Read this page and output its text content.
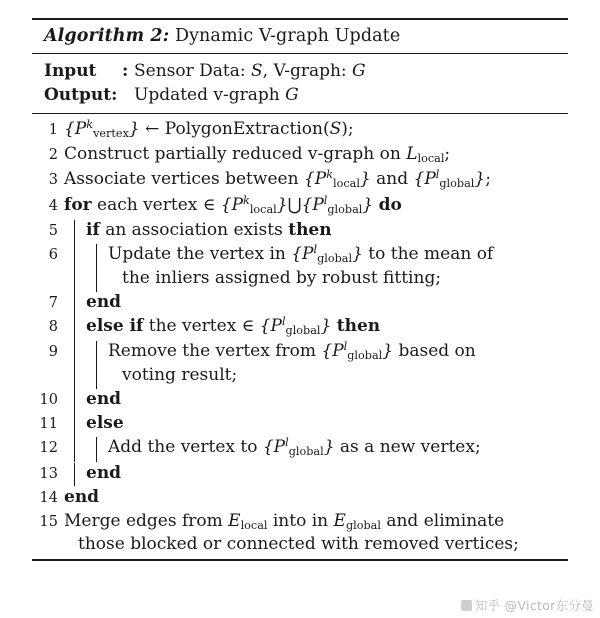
Algorithm 2: Dynamic V-graph Update
Input	: Sensor Data: S, V-graph: G
Output: Updated v-graph G
1 $\{P^k_{vertex}\}$ ← PolygonExtraction(S);
2 Construct partially reduced v-graph on $L_{local}$;
3 Associate vertices between $\{P^k_{local}\}$ and $\{P^l_{global}\}$;
4 for each vertex ∈ $\{P^k_{local}\}⋃\{P^l_{global}\}$ do
5	if an association exists then
6	Update the vertex in $\{P^l_{global}\}$ to the mean of
the inliers assigned by robust fitting;
7	end
8	else if the vertex ∈ $\{P^l_{global}\}$ then
9	Remove the vertex from $\{P^l_{global}\}$ based on
voting result;
10	end
11	else
12	Add the vertex to $\{P^l_{global}\}$ as a new vertex;
13	end
14 end
15 Merge edges from $E_{local}$ into in $E_{global}$ and eliminate
those blocked or connected with removed vertices;
知乎 @Victor东分曼
